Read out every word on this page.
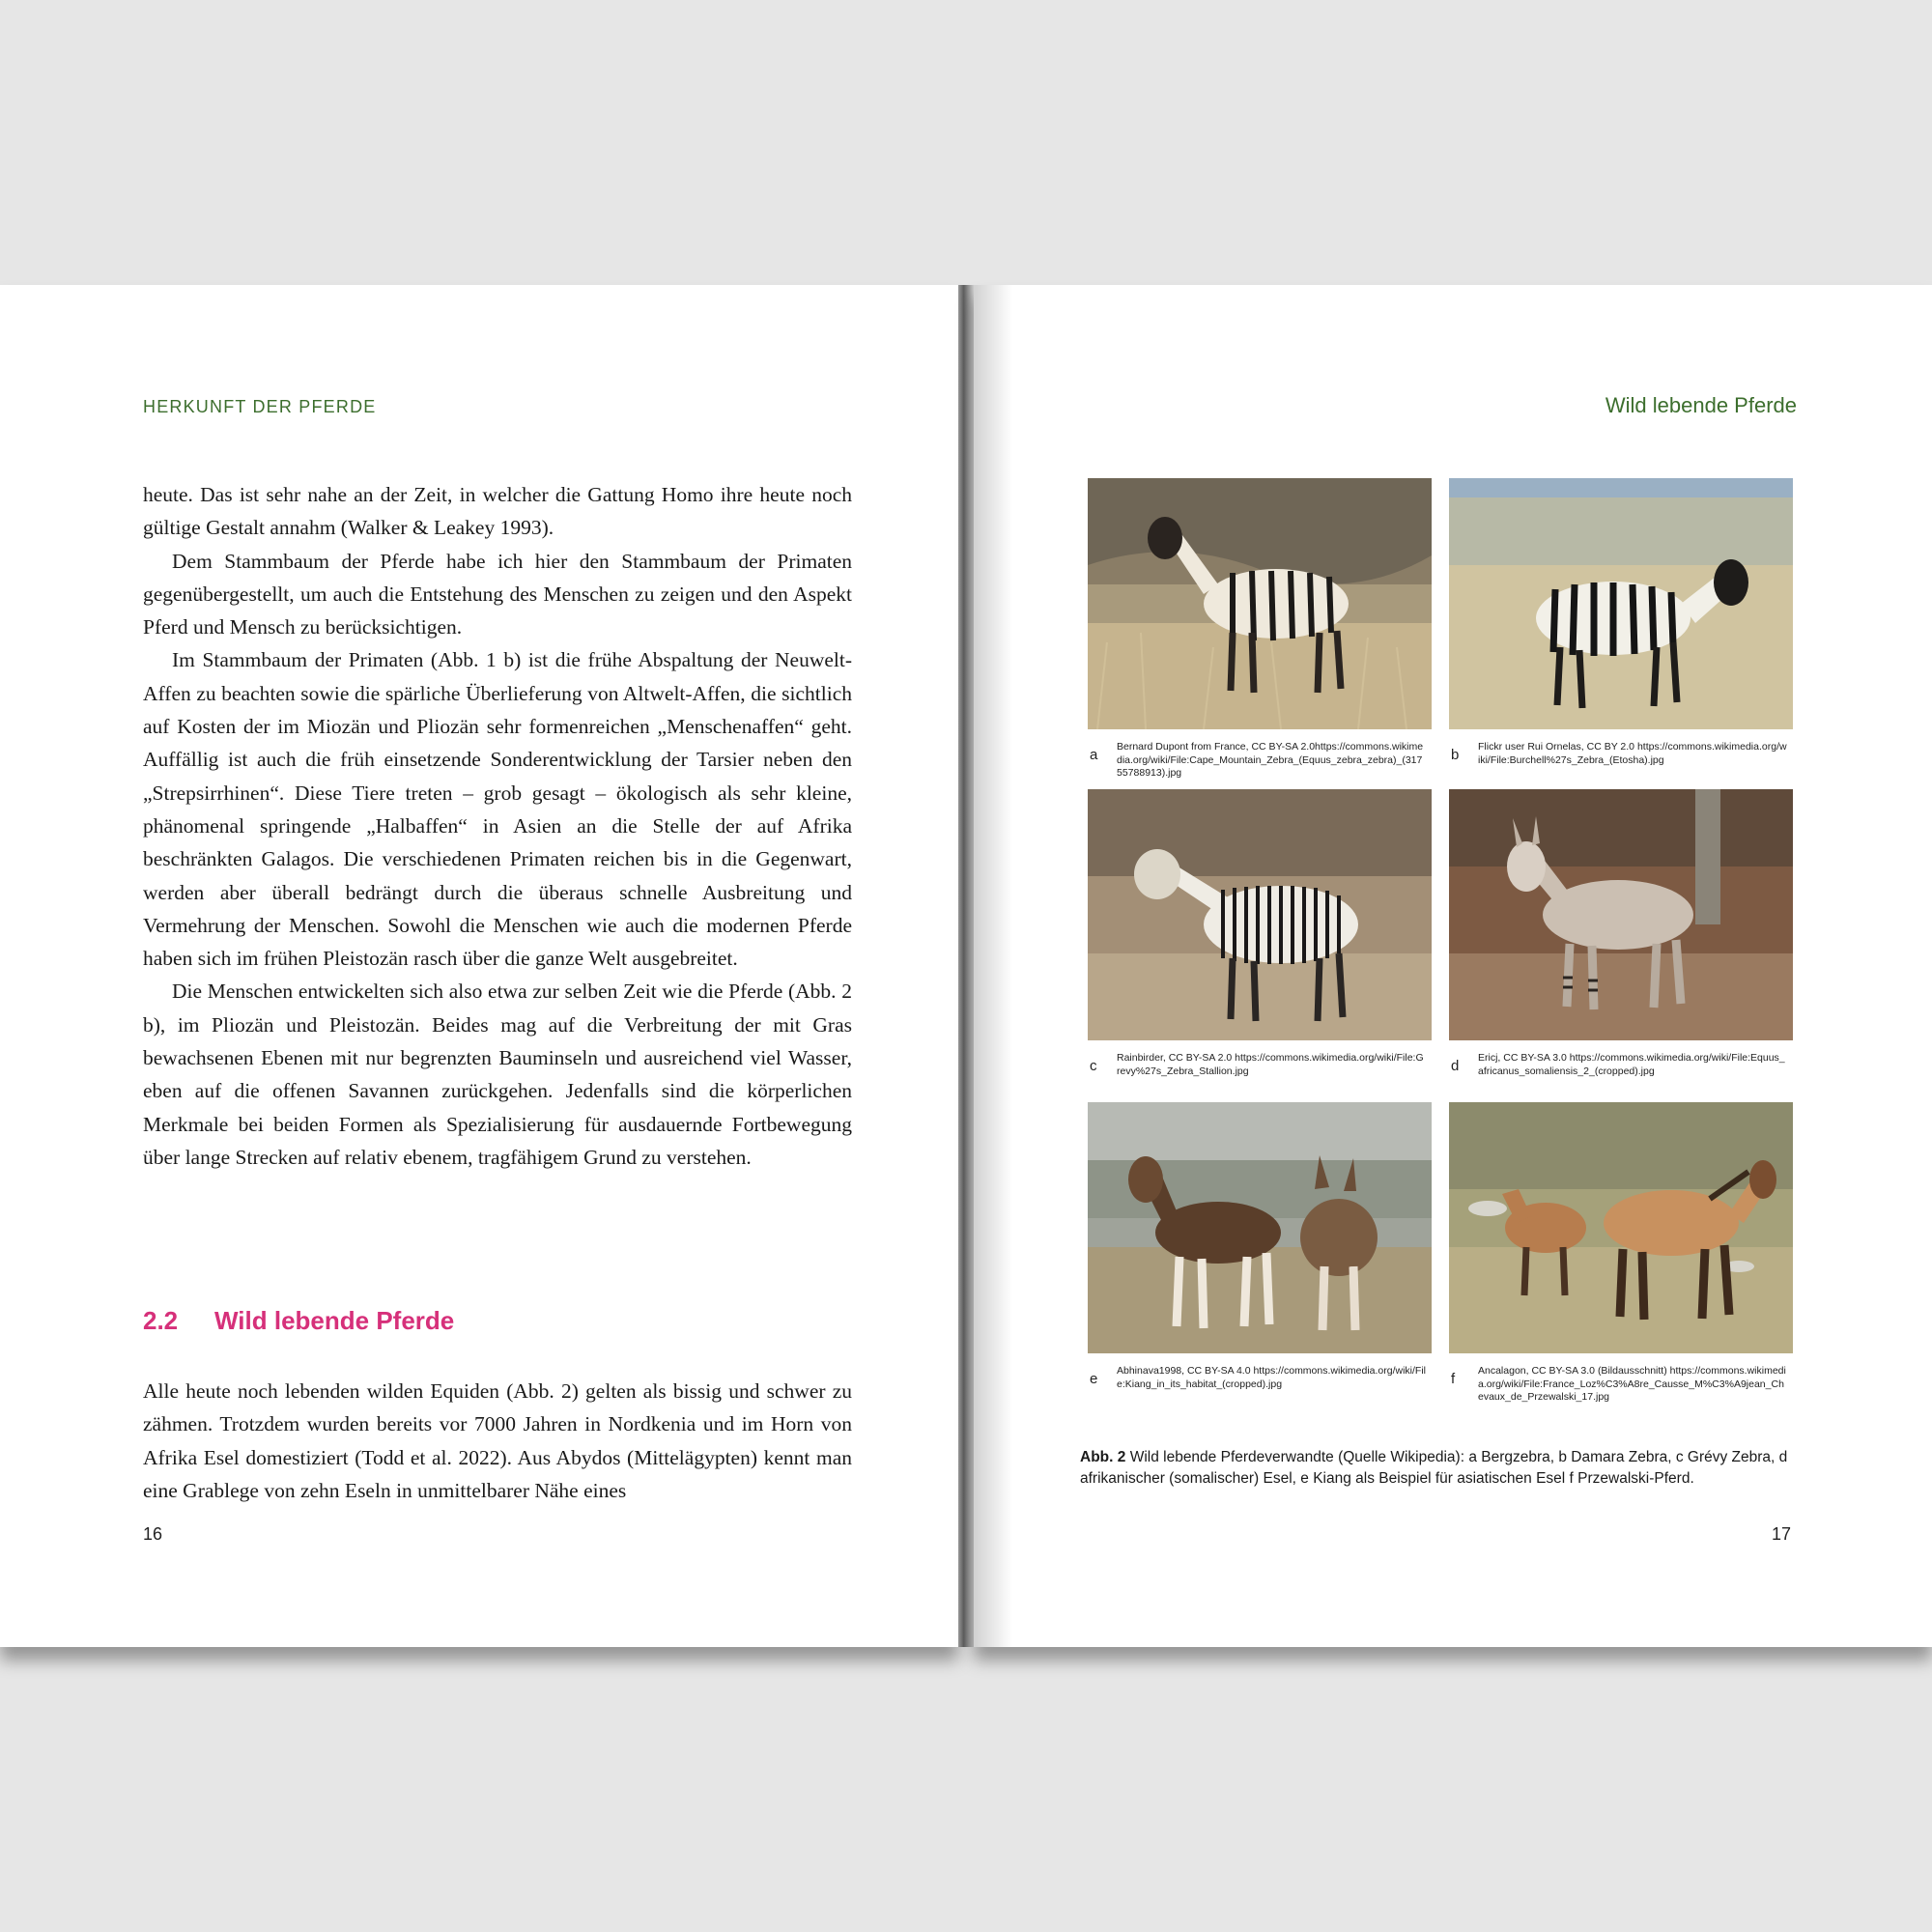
HERKUNFT DER PFERDE

heute. Das ist sehr nahe an der Zeit, in welcher die Gattung Homo ihre heute noch gültige Gestalt annahm (Walker & Leakey 1993).

Dem Stammbaum der Pferde habe ich hier den Stammbaum der Primaten gegenübergestellt, um auch die Entstehung des Menschen zu zeigen und den Aspekt Pferd und Mensch zu berücksichtigen.

Im Stammbaum der Primaten (Abb. 1 b) ist die frühe Abspaltung der Neuwelt-Affen zu beachten sowie die spärliche Überlieferung von Altwelt-Affen, die sichtlich auf Kosten der im Miozän und Pliozän sehr formenreichen „Menschenaffen“ geht. Auffällig ist auch die früh einsetzende Sonderentwicklung der Tarsier neben den „Strepsirrhinen“. Diese Tiere treten – grob gesagt – ökologisch als sehr kleine, phänomenal springende „Halbaffen“ in Asien an die Stelle der auf Afrika beschränkten Galagos. Die verschiedenen Primaten reichen bis in die Gegenwart, werden aber überall bedrängt durch die überaus schnelle Ausbreitung und Vermehrung der Menschen. Sowohl die Menschen wie auch die modernen Pferde haben sich im frühen Pleistozän rasch über die ganze Welt ausgebreitet.

Die Menschen entwickelten sich also etwa zur selben Zeit wie die Pferde (Abb. 2 b), im Pliozän und Pleistozän. Beides mag auf die Verbreitung der mit Gras bewachsenen Ebenen mit nur begrenzten Bauminseln und ausreichend viel Wasser, eben auf die offenen Savannen zurückgehen. Jedenfalls sind die körperlichen Merkmale bei beiden Formen als Spezialisierung für ausdauernde Fortbewegung über lange Strecken auf relativ ebenem, tragfähigem Grund zu verstehen.

2.2 Wild lebende Pferde

Alle heute noch lebenden wilden Equiden (Abb. 2) gelten als bissig und schwer zu zähmen. Trotzdem wurden bereits vor 7000 Jahren in Nordkenia und im Horn von Afrika Esel domestiziert (Todd et al. 2022). Aus Abydos (Mittelägypten) kennt man eine Grablege von zehn Eseln in unmittelbarer Nähe eines

16
Wild lebende Pferde
17
a Bernard Dupont from France, CC BY-SA 2.0https://commons.wikimedia.org/wiki/File:Cape_Mountain_Zebra_(Equus_zebra_zebra)_(31755788913).jpg
b Flickr user Rui Ornelas, CC BY 2.0 https://commons.wikimedia.org/wiki/File:Burchell%27s_Zebra_(Etosha).jpg
c Rainbirder, CC BY-SA 2.0 https://commons.wikimedia.org/wiki/File:Grevy%27s_Zebra_Stallion.jpg	d Ericj, CC BY-SA 3.0 https://commons.wikimedia.org/wiki/File:Equus_africanus_somaliensis_2_(cropped).jpg
e Abhinava1998, CC BY-SA 4.0 https://commons.wikimedia.org/wiki/File:Kiang_in_its_habitat_(cropped).jpg	f Ancalagon, CC BY-SA 3.0 (Bildausschnitt) https://commons.wikimedia.org/wiki/File:France_Loz%C3%A8re_Causse_M%C3%A9jean_Chevaux_de_Przewalski_17.jpg
Abb. 2 Wild lebende Pferdeverwandte (Quelle Wikipedia): a Bergzebra, b Damara Zebra, c Grévy Zebra, d afrikanischer (somalischer) Esel, e Kiang als Beispiel für asiatischen Esel f Przewalski-Pferd.
